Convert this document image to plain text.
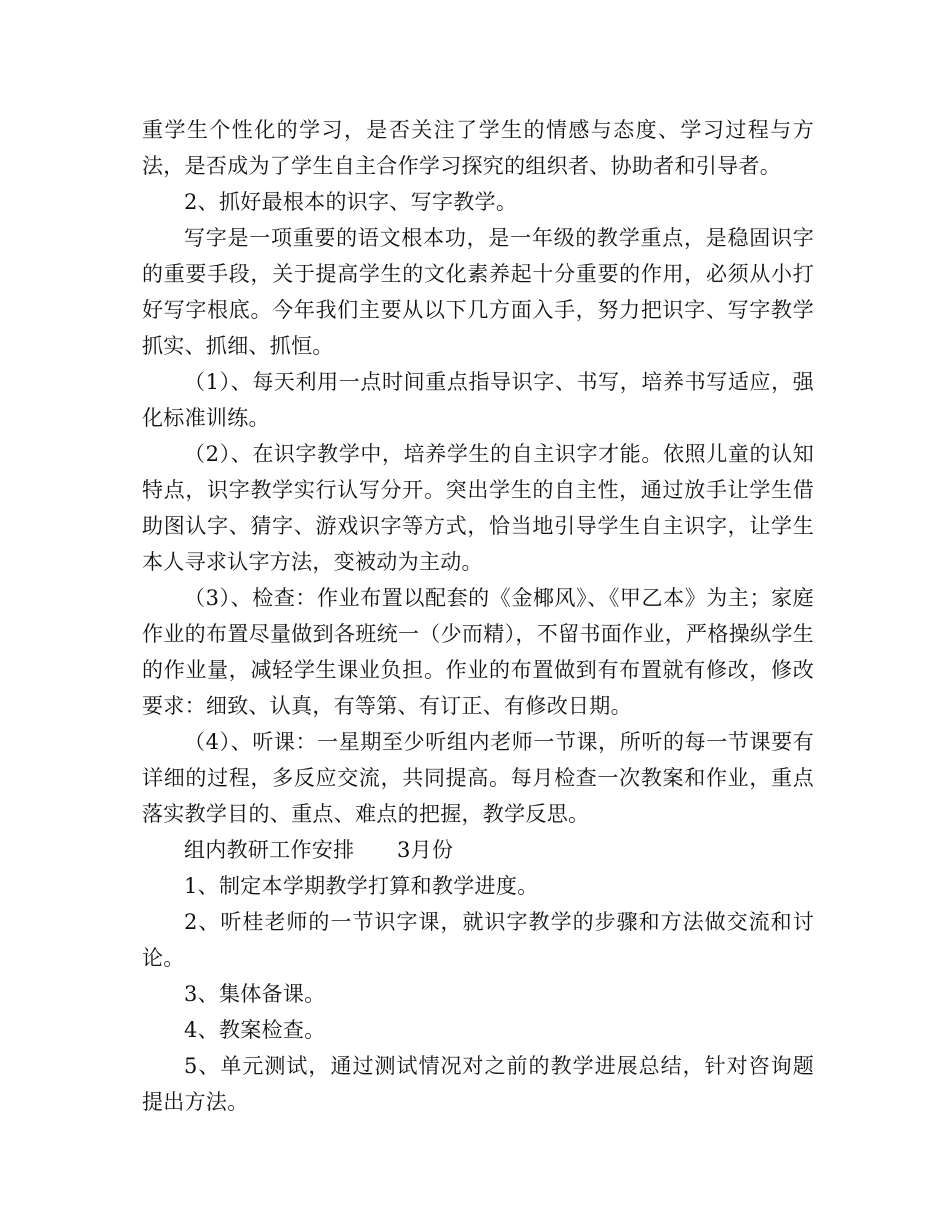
重学生个性化的学习，是否关注了学生的情感与态度、学习过程与方法，是否成为了学生自主合作学习探究的组织者、协助者和引导者。

2、抓好最根本的识字、写字教学。

写字是一项重要的语文根本功，是一年级的教学重点，是稳固识字的重要手段，关于提高学生的文化素养起十分重要的作用，必须从小打好写字根底。今年我们主要从以下几方面入手，努力把识字、写字教学抓实、抓细、抓恒。

（1）、每天利用一点时间重点指导识字、书写，培养书写适应，强化标准训练。

（2）、在识字教学中，培养学生的自主识字才能。依照儿童的认知特点，识字教学实行认写分开。突出学生的自主性，通过放手让学生借助图认字、猜字、游戏识字等方式，恰当地引导学生自主识字，让学生本人寻求认字方法，变被动为主动。

（3）、检查：作业布置以配套的《金椰风》、《甲乙本》为主；家庭作业的布置尽量做到各班统一（少而精），不留书面作业，严格操纵学生的作业量，减轻学生课业负担。作业的布置做到有布置就有修改，修改要求：细致、认真，有等第、有订正、有修改日期。

（4）、听课：一星期至少听组内老师一节课，所听的每一节课要有详细的过程，多反应交流，共同提高。每月检查一次教案和作业，重点落实教学目的、重点、难点的把握，教学反思。

组内教研工作安排　　3月份

1、制定本学期教学打算和教学进度。

2、听桂老师的一节识字课，就识字教学的步骤和方法做交流和讨论。

3、集体备课。

4、教案检查。

5、单元测试，通过测试情况对之前的教学进展总结，针对咨询题提出方法。
